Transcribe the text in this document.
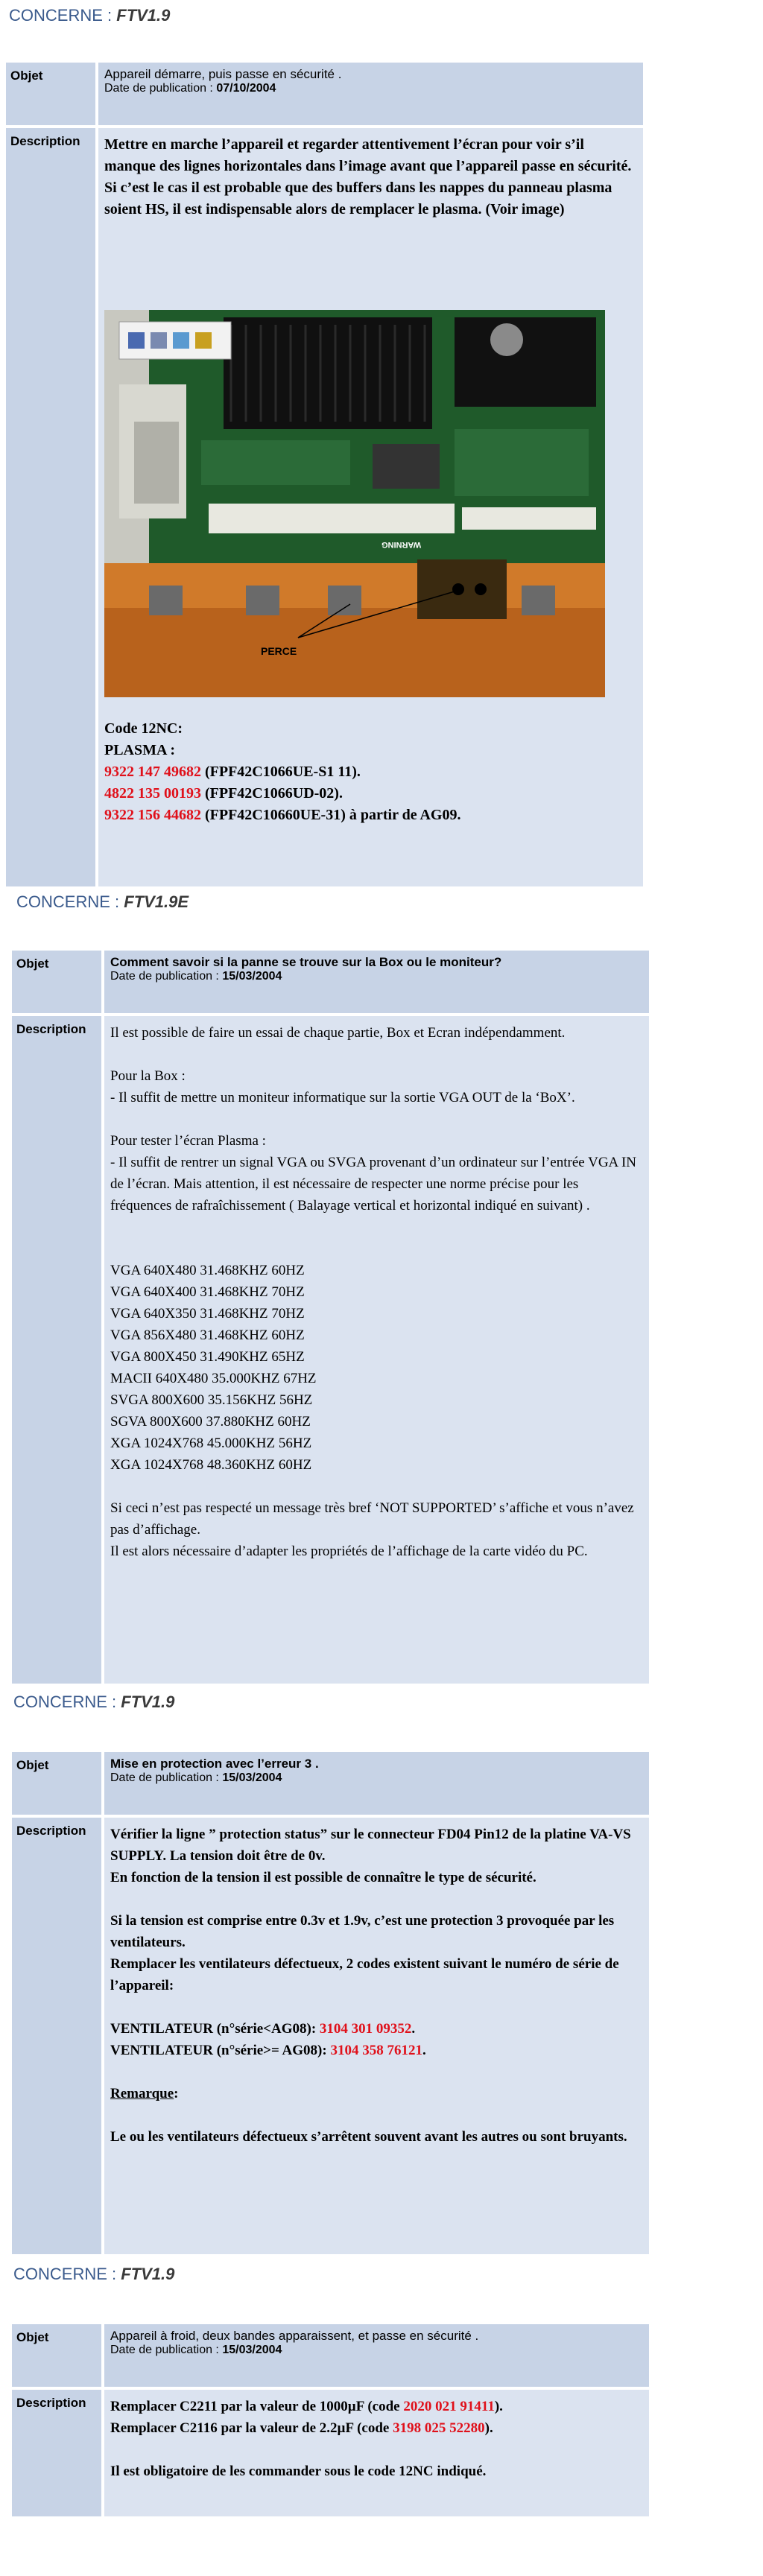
CONCERNE : FTV1.9
Objet	Appareil démarre, puis passe en sécurité .
Date de publication : 07/10/2004
Description	Mettre en marche l’appareil et regarder attentivement l’écran pour voir s’il manque des lignes horizontales dans l’image avant que l’appareil passe en sécurité.
Si c’est le cas il est probable que des buffers dans les nappes du panneau plasma soient HS, il est indispensable alors de remplacer le plasma. (Voir image)
WARNING
PERCE
Code 12NC:
PLASMA :
9322 147 49682 (FPF42C1066UE-S1 11).
4822 135 00193 (FPF42C1066UD-02).
9322 156 44682 (FPF42C10660UE-31) à partir de AG09.
CONCERNE : FTV1.9E
Objet	Comment savoir si la panne se trouve sur la Box ou le moniteur?
Date de publication : 15/03/2004
Description	Il est possible de faire un essai de chaque partie, Box et Ecran indépendamment.
Pour la Box :
- Il suffit de mettre un moniteur informatique sur la sortie VGA OUT de la ‘BoX’.
Pour tester l’écran Plasma :
- Il suffit de rentrer un signal VGA ou SVGA provenant d’un ordinateur sur l’entrée VGA IN de l’écran. Mais attention, il est nécessaire de respecter une norme précise pour les fréquences de rafraîchissement ( Balayage vertical et horizontal indiqué en suivant) .
VGA 640X480 31.468KHZ 60HZ
VGA 640X400 31.468KHZ 70HZ
VGA 640X350 31.468KHZ 70HZ
VGA 856X480 31.468KHZ 60HZ
VGA 800X450 31.490KHZ 65HZ
MACII 640X480 35.000KHZ 67HZ
SVGA 800X600 35.156KHZ 56HZ
SGVA 800X600 37.880KHZ 60HZ
XGA 1024X768 45.000KHZ 56HZ
XGA 1024X768 48.360KHZ 60HZ
Si ceci n’est pas respecté un message très bref ‘NOT SUPPORTED’ s’affiche et vous n’avez pas d’affichage.
Il est alors nécessaire d’adapter les propriétés de l’affichage de la carte vidéo du PC.
CONCERNE : FTV1.9
Objet	Mise en protection avec l’erreur 3 .
Date de publication : 15/03/2004
Description	Vérifier la ligne ” protection status” sur le connecteur FD04 Pin12 de la platine VA-VS SUPPLY. La tension doit être de 0v.
En fonction de la tension il est possible de connaître le type de sécurité.
Si la tension est comprise entre 0.3v et 1.9v, c’est une protection 3 provoquée par les ventilateurs.
Remplacer les ventilateurs défectueux, 2 codes existent suivant le numéro de série de l’appareil:
VENTILATEUR (n°série<AG08): 3104 301 09352.
VENTILATEUR (n°série>= AG08): 3104 358 76121.
Remarque:
Le ou les ventilateurs défectueux s’arrêtent souvent avant les autres ou sont bruyants.
CONCERNE : FTV1.9
Objet	Appareil à froid, deux bandes apparaissent, et passe en sécurité .
Date de publication : 15/03/2004
Description	Remplacer C2211 par la valeur de 1000µF (code 2020 021 91411).
Remplacer C2116 par la valeur de 2.2µF (code 3198 025 52280).
Il est obligatoire de les commander sous le code 12NC indiqué.
